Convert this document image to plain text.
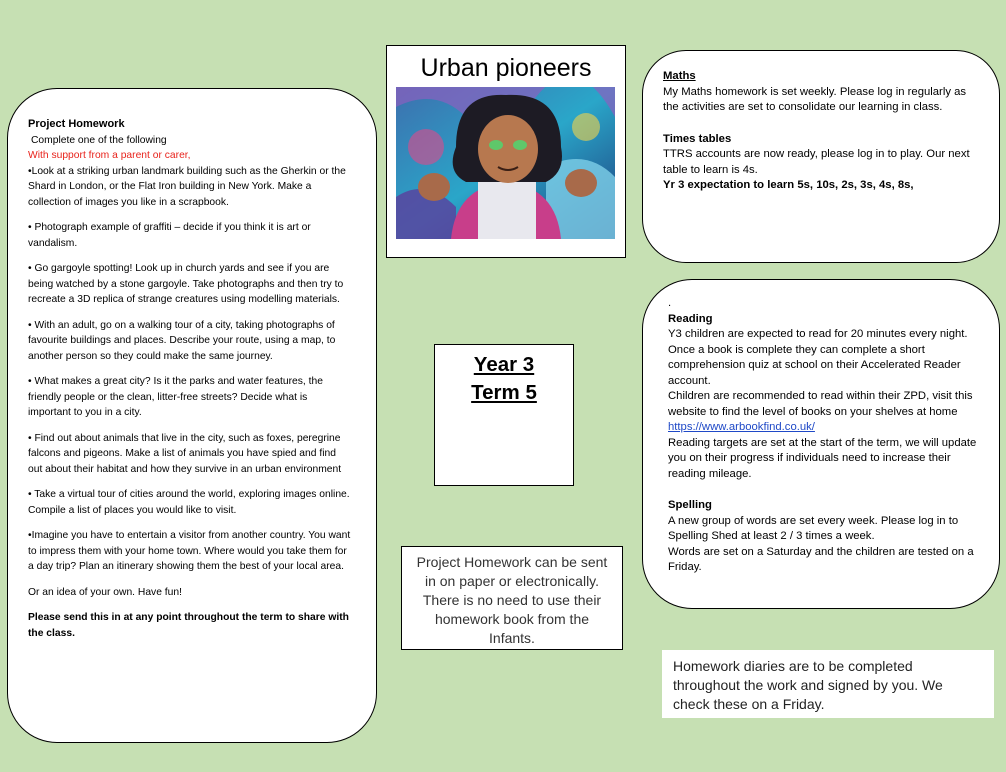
Project Homework

Complete one of the following

With support from a parent or carer,

•Look at a striking urban landmark building such as the Gherkin or the Shard in London, or the Flat Iron building in New York. Make a collection of images you like in a scrapbook.

• Photograph example of graffiti – decide if you think it is art or vandalism.

• Go gargoyle spotting! Look up in church yards and see if you are being watched by a stone gargoyle. Take photographs and then try to recreate a 3D replica of strange creatures using modelling materials.

• With an adult, go on a walking tour of a city, taking photographs of favourite buildings and places. Describe your route, using a map, to another person so they could make the same journey.

• What makes a great city? Is it the parks and water features, the friendly people or the clean, litter-free streets? Decide what is important to you in a city.

• Find out about animals that live in the city, such as foxes, peregrine falcons and pigeons. Make a list of animals you have spied and find out about their habitat and how they survive in an urban environment

• Take a virtual tour of cities around the world, exploring images online. Compile a list of places you would like to visit.

•Imagine you have to entertain a visitor from another country. You want to impress them with your home town. Where would you take them for a day trip? Plan an itinerary showing them the best of your local area.

Or an idea of your own. Have fun!

Please send this in at any point throughout the term to share with the class.

Urban pioneers
Year 3
Term 5
Project Homework can be sent in on paper or electronically. There is no need to use their homework book from the Infants.

Maths

My Maths homework is set weekly. Please log in regularly as the activities are set to consolidate our learning in class.

Times tables

TTRS accounts are now ready, please log in to play. Our next table to learn is 4s.

Yr 3 expectation to learn 5s, 10s, 2s, 3s, 4s, 8s,

.

Reading

Y3 children are expected to read for 20 minutes every night. Once a book is complete they can complete a short comprehension quiz at school on their Accelerated Reader account.

Children are recommended to read within their ZPD, visit this website to find the level of books on your shelves at home https://www.arbookfind.co.uk/

Reading targets are set at the start of the term, we will update you on their progress if individuals need to increase their reading mileage.

Spelling

A new group of words are set every week. Please log in to Spelling Shed at least 2 / 3 times a week.

Words are set on a Saturday and the children are tested on a Friday.

Homework diaries are to be completed throughout the work and signed by you. We check these on a Friday.
